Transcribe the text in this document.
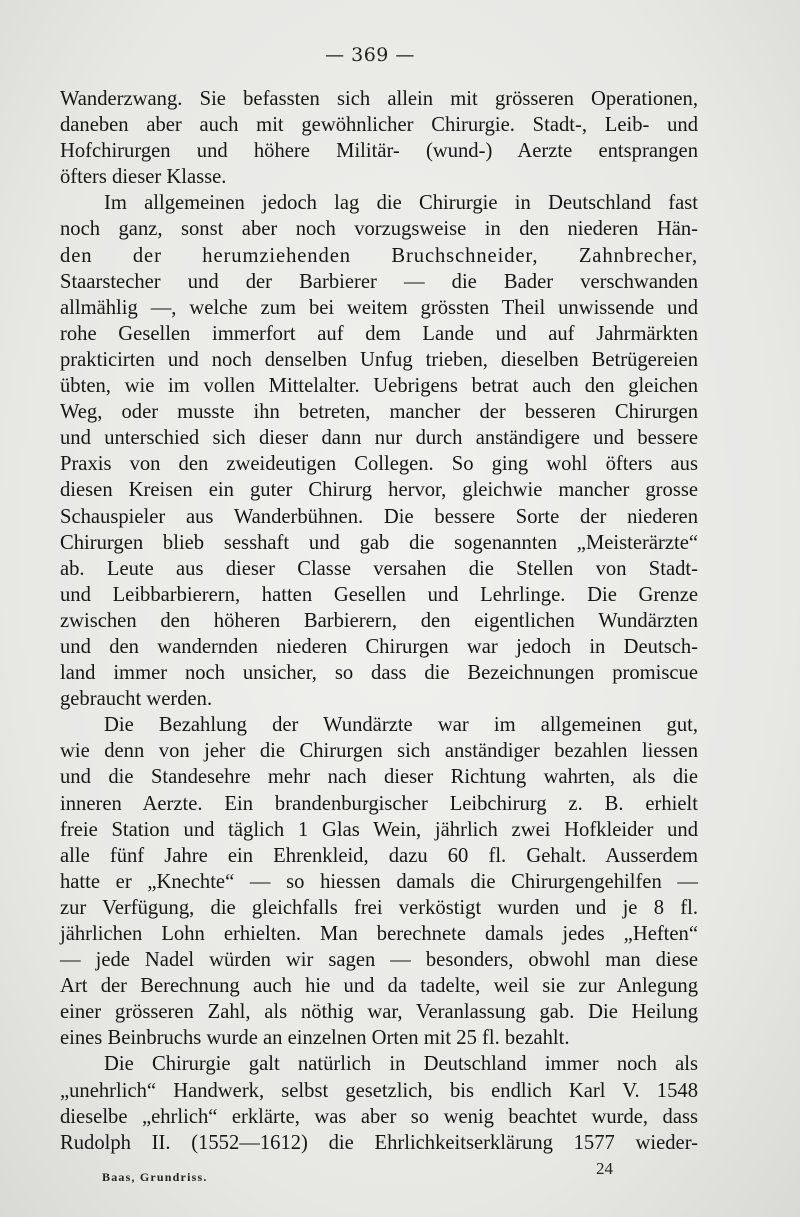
— 369 —
Wanderzwang. Sie befassten sich allein mit grösseren Operationen,
daneben aber auch mit gewöhnlicher Chirurgie. Stadt-, Leib- und
Hofchirurgen und höhere Militär- (wund-) Aerzte entsprangen
öfters dieser Klasse.
Im allgemeinen jedoch lag die Chirurgie in Deutschland fast
noch ganz, sonst aber noch vorzugsweise in den niederen Hän-
den der herumziehenden Bruchschneider, Zahnbrecher,
Staarstecher und der Barbierer — die Bader verschwanden
allmählig —, welche zum bei weitem grössten Theil unwissende und
rohe Gesellen immerfort auf dem Lande und auf Jahrmärkten
prakticirten und noch denselben Unfug trieben, dieselben Betrügereien
übten, wie im vollen Mittelalter. Uebrigens betrat auch den gleichen
Weg, oder musste ihn betreten, mancher der besseren Chirurgen
und unterschied sich dieser dann nur durch anständigere und bessere
Praxis von den zweideutigen Collegen. So ging wohl öfters aus
diesen Kreisen ein guter Chirurg hervor, gleichwie mancher grosse
Schauspieler aus Wanderbühnen. Die bessere Sorte der niederen
Chirurgen blieb sesshaft und gab die sogenannten „Meisterärzte“
ab. Leute aus dieser Classe versahen die Stellen von Stadt-
und Leibbarbierern, hatten Gesellen und Lehrlinge. Die Grenze
zwischen den höheren Barbierern, den eigentlichen Wundärzten
und den wandernden niederen Chirurgen war jedoch in Deutsch-
land immer noch unsicher, so dass die Bezeichnungen promiscue
gebraucht werden.
Die Bezahlung der Wundärzte war im allgemeinen gut,
wie denn von jeher die Chirurgen sich anständiger bezahlen liessen
und die Standesehre mehr nach dieser Richtung wahrten, als die
inneren Aerzte. Ein brandenburgischer Leibchirurg z. B. erhielt
freie Station und täglich 1 Glas Wein, jährlich zwei Hofkleider und
alle fünf Jahre ein Ehrenkleid, dazu 60 fl. Gehalt. Ausserdem
hatte er „Knechte“ — so hiessen damals die Chirurgengehilfen —
zur Verfügung, die gleichfalls frei verköstigt wurden und je 8 fl.
jährlichen Lohn erhielten. Man berechnete damals jedes „Heften“
— jede Nadel würden wir sagen — besonders, obwohl man diese
Art der Berechnung auch hie und da tadelte, weil sie zur Anlegung
einer grösseren Zahl, als nöthig war, Veranlassung gab. Die Heilung
eines Beinbruchs wurde an einzelnen Orten mit 25 fl. bezahlt.
Die Chirurgie galt natürlich in Deutschland immer noch als
„unehrlich“ Handwerk, selbst gesetzlich, bis endlich Karl V. 1548
dieselbe „ehrlich“ erklärte, was aber so wenig beachtet wurde, dass
Rudolph II. (1552—1612) die Ehrlichkeitserklärung 1577 wieder-
Baas, Grundriss.	24
